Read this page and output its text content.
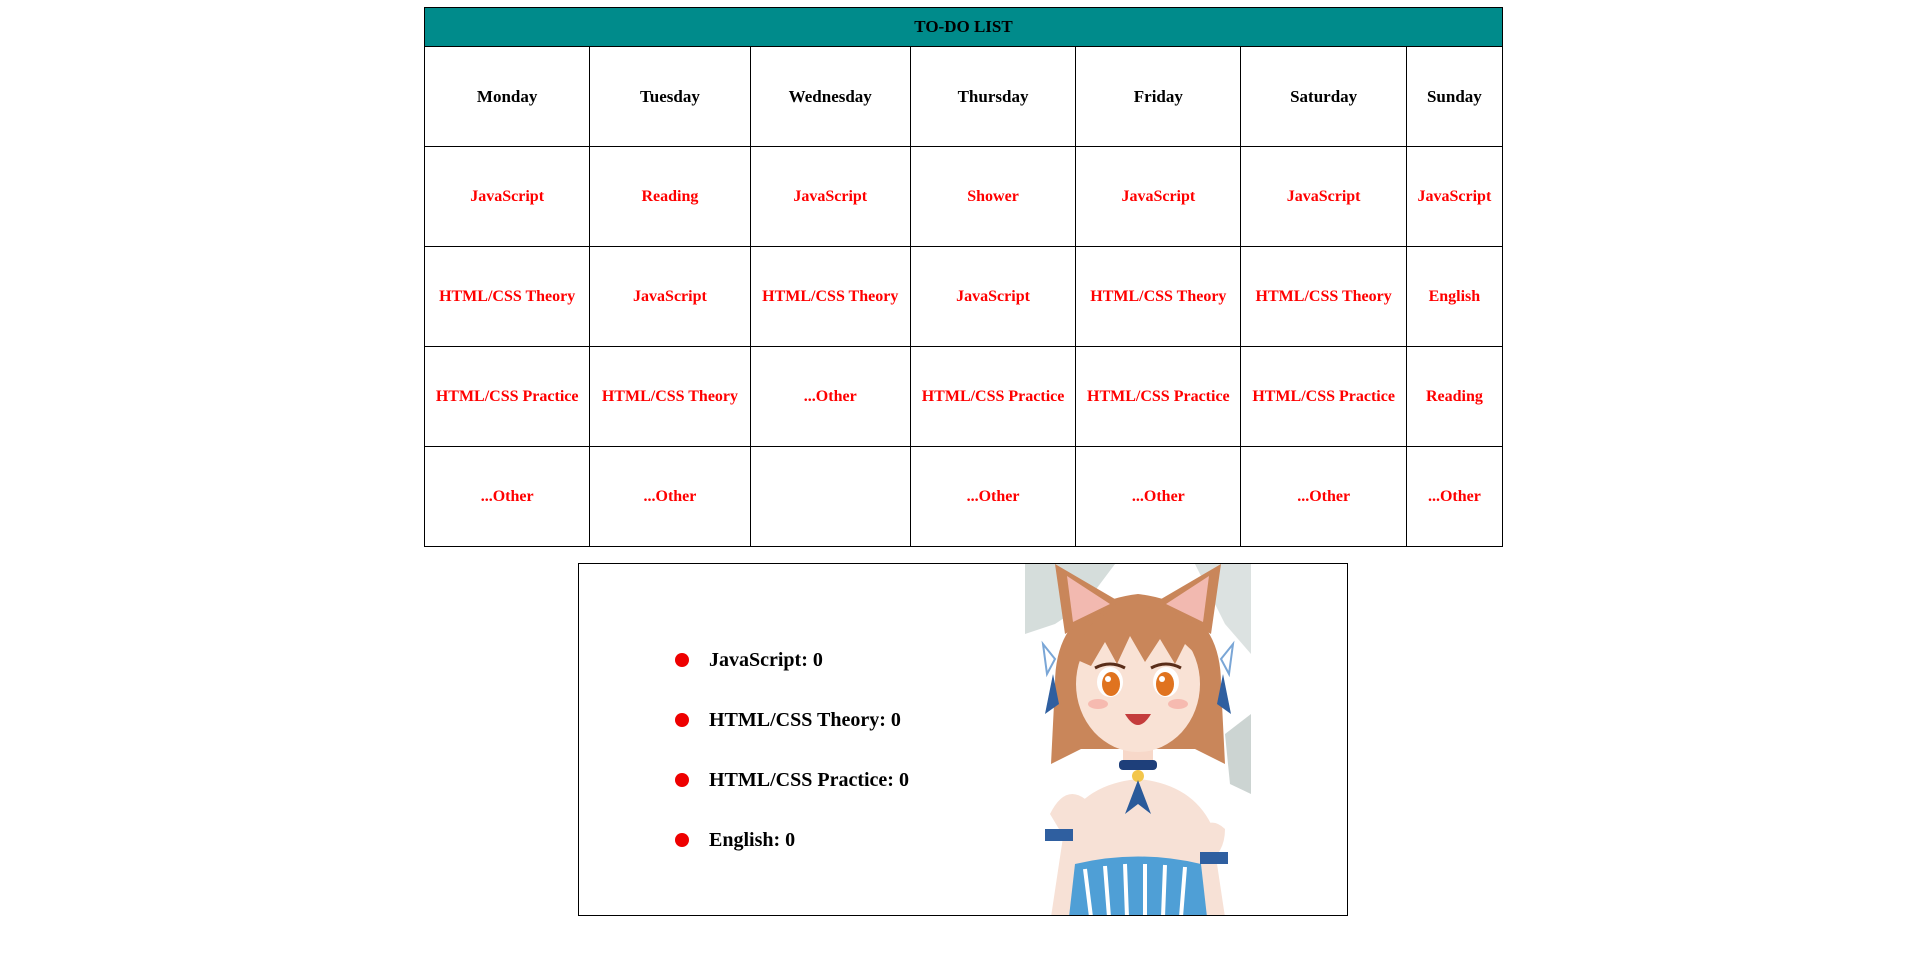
TO-DO LIST						
Monday	Tuesday	Wednesday	Thursday	Friday	Saturday	Sunday
JavaScript	Reading	JavaScript	Shower	JavaScript	JavaScript	JavaScript
HTML/CSS Theory	JavaScript	HTML/CSS Theory	JavaScript	HTML/CSS Theory	HTML/CSS Theory	English
HTML/CSS Practice	HTML/CSS Theory	...Other	HTML/CSS Practice	HTML/CSS Practice	HTML/CSS Practice	Reading
...Other	...Other		...Other	...Other	...Other	...Other
JavaScript: 0
HTML/CSS Theory: 0
HTML/CSS Practice: 0
English: 0
